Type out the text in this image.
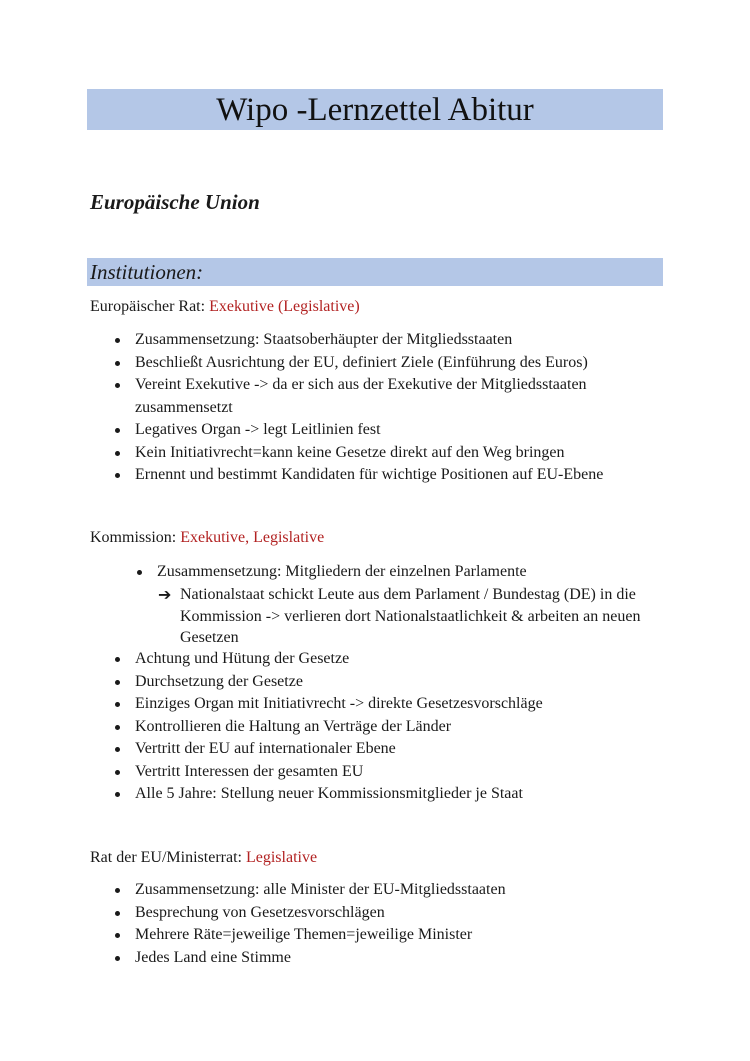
Wipo -Lernzettel Abitur
Europäische Union
Institutionen:
Europäischer Rat: Exekutive (Legislative)
Zusammensetzung: Staatsoberhäupter der Mitgliedsstaaten
Beschließt Ausrichtung der EU, definiert Ziele (Einführung des Euros)
Vereint Exekutive -> da er sich aus der Exekutive der Mitgliedsstaaten zusammensetzt
Legatives Organ -> legt Leitlinien fest
Kein Initiativrecht=kann keine Gesetze direkt auf den Weg bringen
Ernennt und bestimmt Kandidaten für wichtige Positionen auf EU-Ebene
Kommission: Exekutive, Legislative
Zusammensetzung: Mitgliedern der einzelnen Parlamente
➔ Nationalstaat schickt Leute aus dem Parlament / Bundestag (DE) in die Kommission -> verlieren dort Nationalstaatlichkeit & arbeiten an neuen Gesetzen
Achtung und Hütung der Gesetze
Durchsetzung der Gesetze
Einziges Organ mit Initiativrecht -> direkte Gesetzesvorschläge
Kontrollieren die Haltung an Verträge der Länder
Vertritt der EU auf internationaler Ebene
Vertritt Interessen der gesamten EU
Alle 5 Jahre: Stellung neuer Kommissionsmitglieder je Staat
Rat der EU/Ministerrat: Legislative
Zusammensetzung: alle Minister der EU-Mitgliedsstaaten
Besprechung von Gesetzesvorschlägen
Mehrere Räte=jeweilige Themen=jeweilige Minister
Jedes Land eine Stimme
